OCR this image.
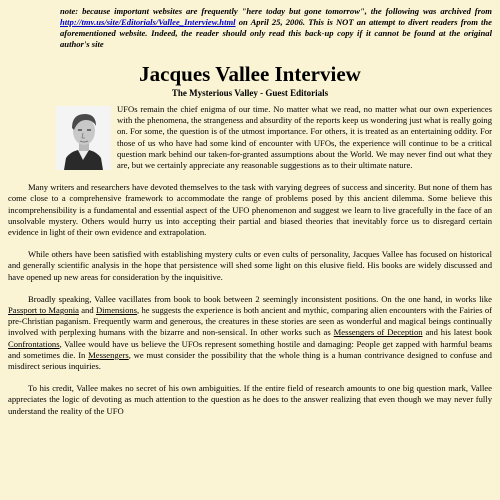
note: because important websites are frequently "here today but gone tomorrow", the following was archived from http://tmv.us/site/Editorials/Vallee_Interview.html on April 25, 2006. This is NOT an attempt to divert readers from the aforementioned website. Indeed, the reader should only read this back-up copy if it cannot be found at the original author's site
Jacques Vallee Interview
The Mysterious Valley - Guest Editorials

UFOs remain the chief enigma of our time. No matter what we read, no matter what our own experiences with the phenomena, the strangeness and absurdity of the reports keep us wondering just what is really going on. For some, the question is of the utmost importance. For others, it is treated as an entertaining oddity. For those of us who have had some kind of encounter with UFOs, the experience will continue to be a critical question mark behind our taken-for-granted assumptions about the World. We may never find out what they are, but we certainly appreciate any reasonable suggestions as to their ultimate nature.

Many writers and researchers have devoted themselves to the task with varying degrees of success and sincerity. But none of them has come close to a comprehensive framework to accommodate the range of problems posed by this ancient dilemma. Some believe this incomprehensibility is a fundamental and essential aspect of the UFO phenomenon and suggest we learn to live gracefully in the face of an unsolvable mystery. Others would hurry us into accepting their partial and biased theories that inevitably force us to disregard certain evidence in light of their own evidence and extrapolation.

While others have been satisfied with establishing mystery cults or even cults of personality, Jacques Vallee has focused on historical and generally scientific analysis in the hope that persistence will shed some light on this elusive field. His books are widely discussed and have opened up new areas for consideration by the inquisitive.

Broadly speaking, Vallee vacillates from book to book between 2 seemingly inconsistent positions. On the one hand, in works like Passport to Magonia and Dimensions, he suggests the experience is both ancient and mythic, comparing alien encounters with the Fairies of pre-Christian paganism. Frequently warm and generous, the creatures in these stories are seen as wonderful and magical beings continually involved with perplexing humans with the bizarre and non-sensical. In other works such as Messengers of Deception and his latest book Confrontations, Vallee would have us believe the UFOs represent something hostile and damaging: People get zapped with harmful beams and sometimes die. In Messengers, we must consider the possibility that the whole thing is a human contrivance designed to confuse and misdirect serious inquiries.

To his credit, Vallee makes no secret of his own ambiguities. If the entire field of research amounts to one big question mark, Vallee appreciates the logic of devoting as much attention to the question as he does to the answer realizing that even though we may never fully understand the reality of the UFO
